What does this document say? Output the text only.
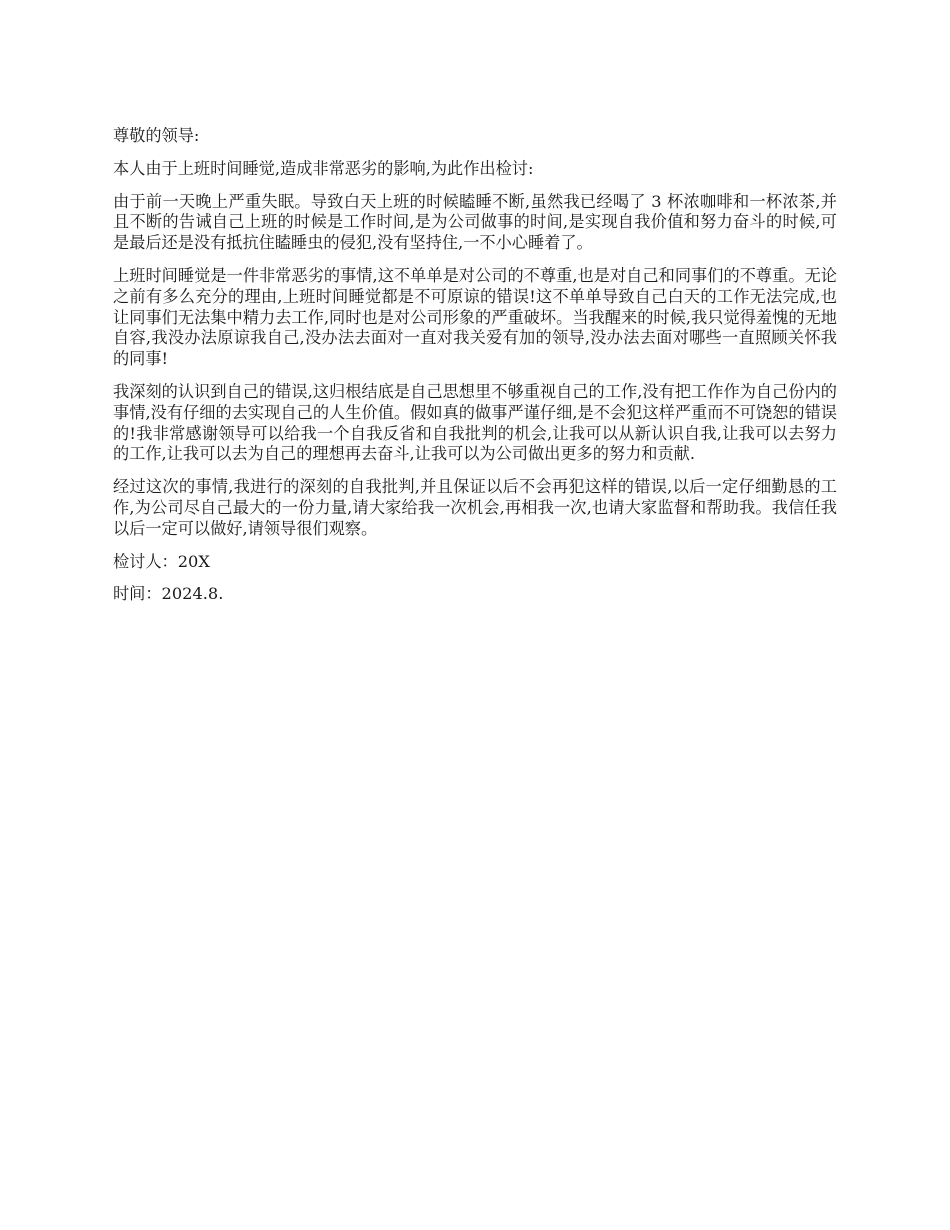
尊敬的领导:

本人由于上班时间睡觉,造成非常恶劣的影响,为此作出检讨:

由于前一天晚上严重失眠。导致白天上班的时候瞌睡不断,虽然我已经喝了 3 杯浓咖啡和一杯浓茶,并且不断的告诫自己上班的时候是工作时间,是为公司做事的时间,是实现自我价值和努力奋斗的时候,可是最后还是没有抵抗住瞌睡虫的侵犯,没有坚持住,一不小心睡着了。

上班时间睡觉是一件非常恶劣的事情,这不单单是对公司的不尊重,也是对自己和同事们的不尊重。无论之前有多么充分的理由,上班时间睡觉都是不可原谅的错误!这不单单导致自己白天的工作无法完成,也让同事们无法集中精力去工作,同时也是对公司形象的严重破坏。当我醒来的时候,我只觉得羞愧的无地自容,我没办法原谅我自己,没办法去面对一直对我关爱有加的领导,没办法去面对哪些一直照顾关怀我的同事!

我深刻的认识到自己的错误,这归根结底是自己思想里不够重视自己的工作,没有把工作作为自己份内的事情,没有仔细的去实现自己的人生价值。假如真的做事严谨仔细,是不会犯这样严重而不可饶恕的错误的!我非常感谢领导可以给我一个自我反省和自我批判的机会,让我可以从新认识自我,让我可以去努力的工作,让我可以去为自己的理想再去奋斗,让我可以为公司做出更多的努力和贡献.

经过这次的事情,我进行的深刻的自我批判,并且保证以后不会再犯这样的错误,以后一定仔细勤恳的工作,为公司尽自己最大的一份力量,请大家给我一次机会,再相我一次,也请大家监督和帮助我。我信任我以后一定可以做好,请领导很们观察。

检讨人：20X

时间：2024.8.
